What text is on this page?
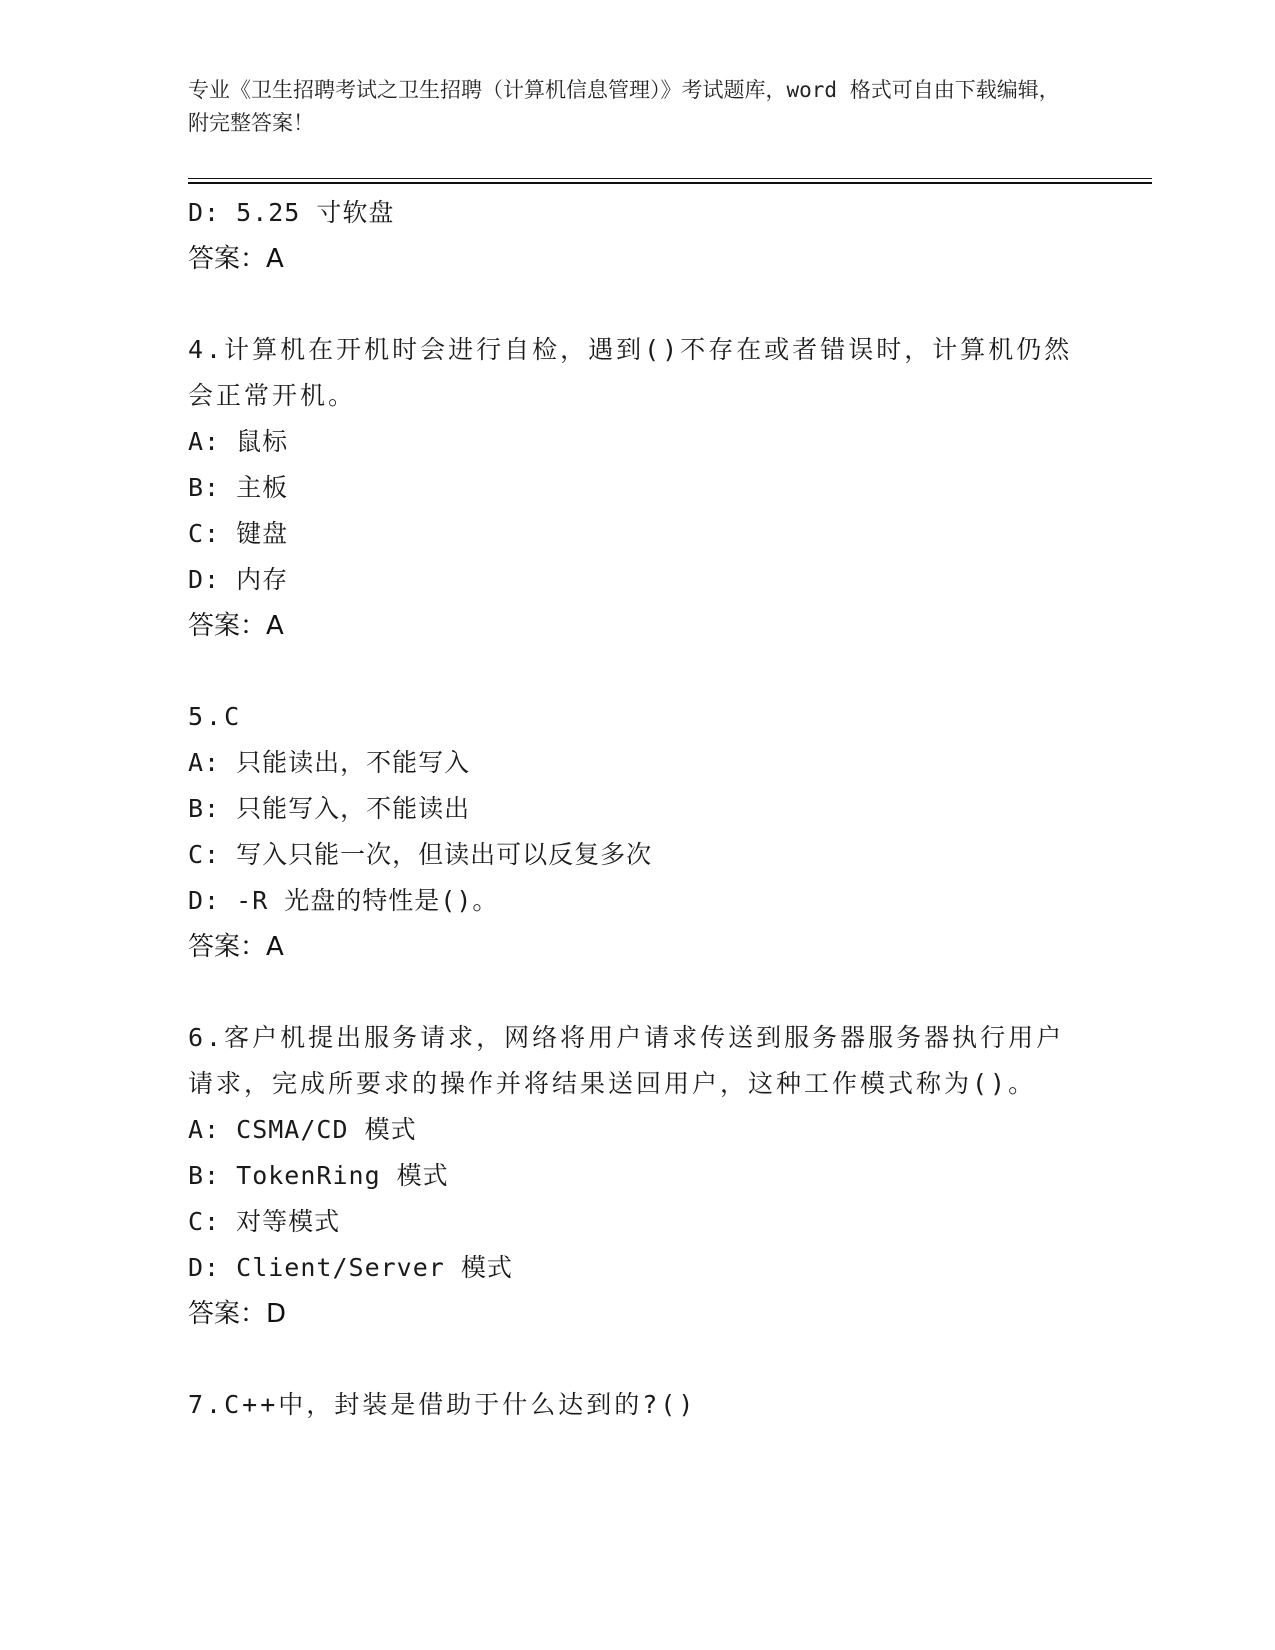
专业《卫生招聘考试之卫生招聘（计算机信息管理）》考试题库，word 格式可自由下载编辑，附完整答案！
D: 5.25 寸软盘
答案：A
4.计算机在开机时会进行自检，遇到()不存在或者错误时，计算机仍然会正常开机。
A: 鼠标
B: 主板
C: 键盘
D: 内存
答案：A
5.C
A: 只能读出，不能写入
B: 只能写入，不能读出
C: 写入只能一次，但读出可以反复多次
D: -R 光盘的特性是()。
答案：A
6.客户机提出服务请求，网络将用户请求传送到服务器服务器执行用户请求，完成所要求的操作并将结果送回用户，这种工作模式称为()。
A: CSMA/CD 模式
B: TokenRing 模式
C: 对等模式
D: Client/Server 模式
答案：D
7.C++中，封装是借助于什么达到的?()
